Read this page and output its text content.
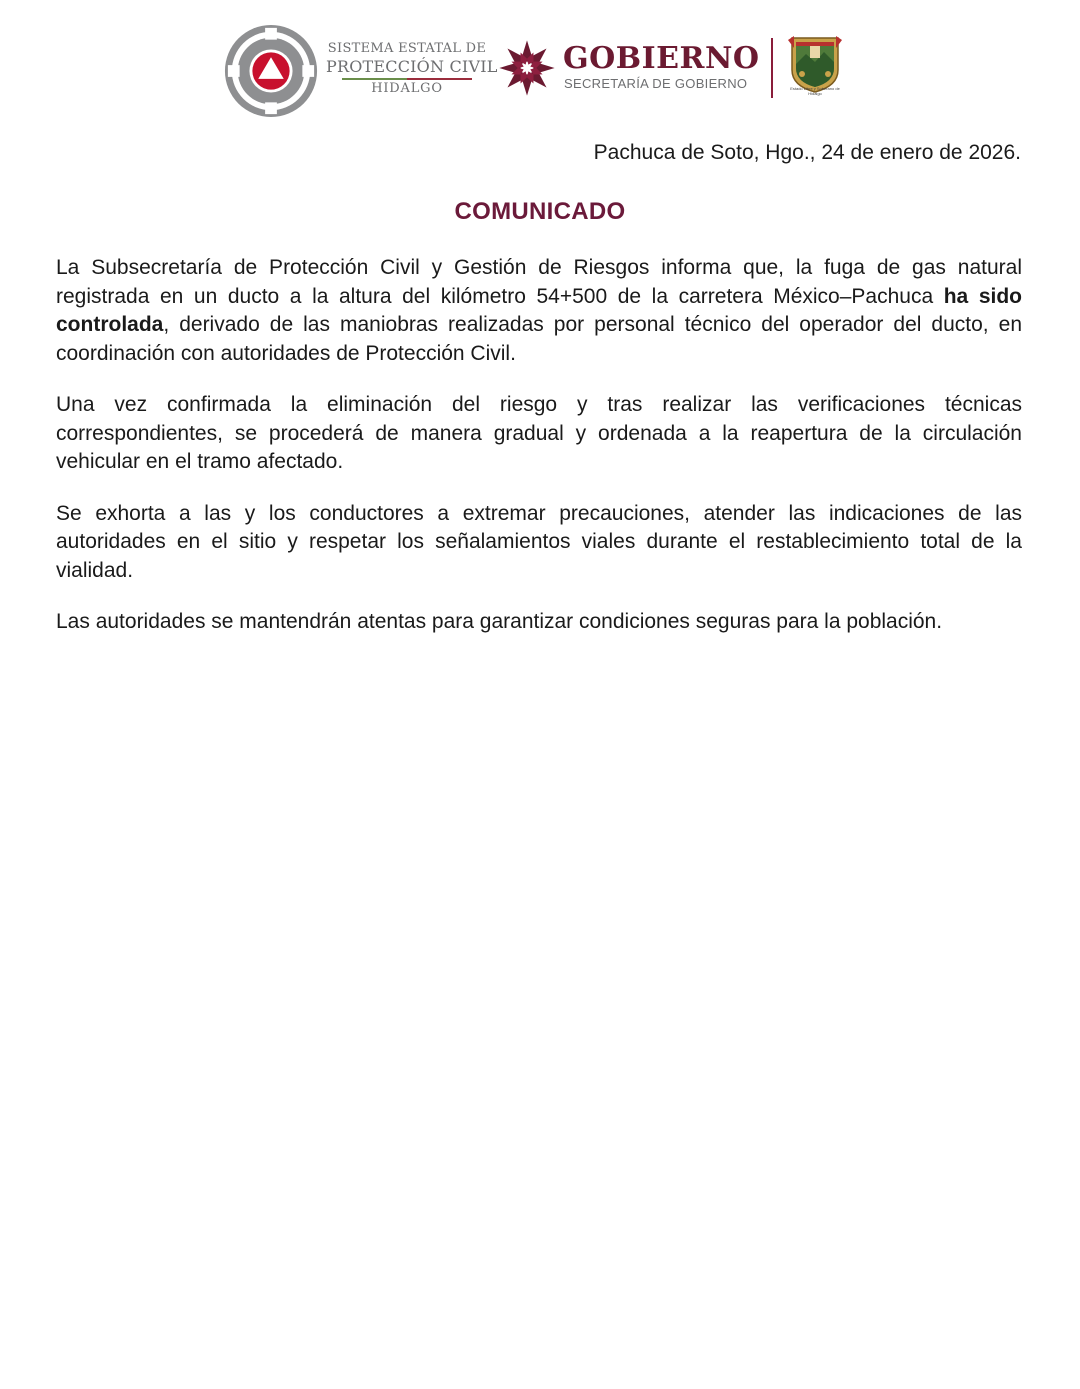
SISTEMA ESTATAL DE
PROTECCIÓN CIVIL
HIDALGO
GOBIERNO
SECRETARÍA DE GOBIERNO	Estado Libre y Soberano de Hidalgo
Pachuca de Soto, Hgo., 24 de enero de 2026.
COMUNICADO

La Subsecretaría de Protección Civil y Gestión de Riesgos informa que, la fuga de gas natural registrada en un ducto a la altura del kilómetro 54+500 de la carretera México–Pachuca ha sido controlada, derivado de las maniobras realizadas por personal técnico del operador del ducto, en coordinación con autoridades de Protección Civil.

Una vez confirmada la eliminación del riesgo y tras realizar las verificaciones técnicas correspondientes, se procederá de manera gradual y ordenada a la reapertura de la circulación vehicular en el tramo afectado.

Se exhorta a las y los conductores a extremar precauciones, atender las indicaciones de las autoridades en el sitio y respetar los señalamientos viales durante el restablecimiento total de la vialidad.

Las autoridades se mantendrán atentas para garantizar condiciones seguras para la población.
